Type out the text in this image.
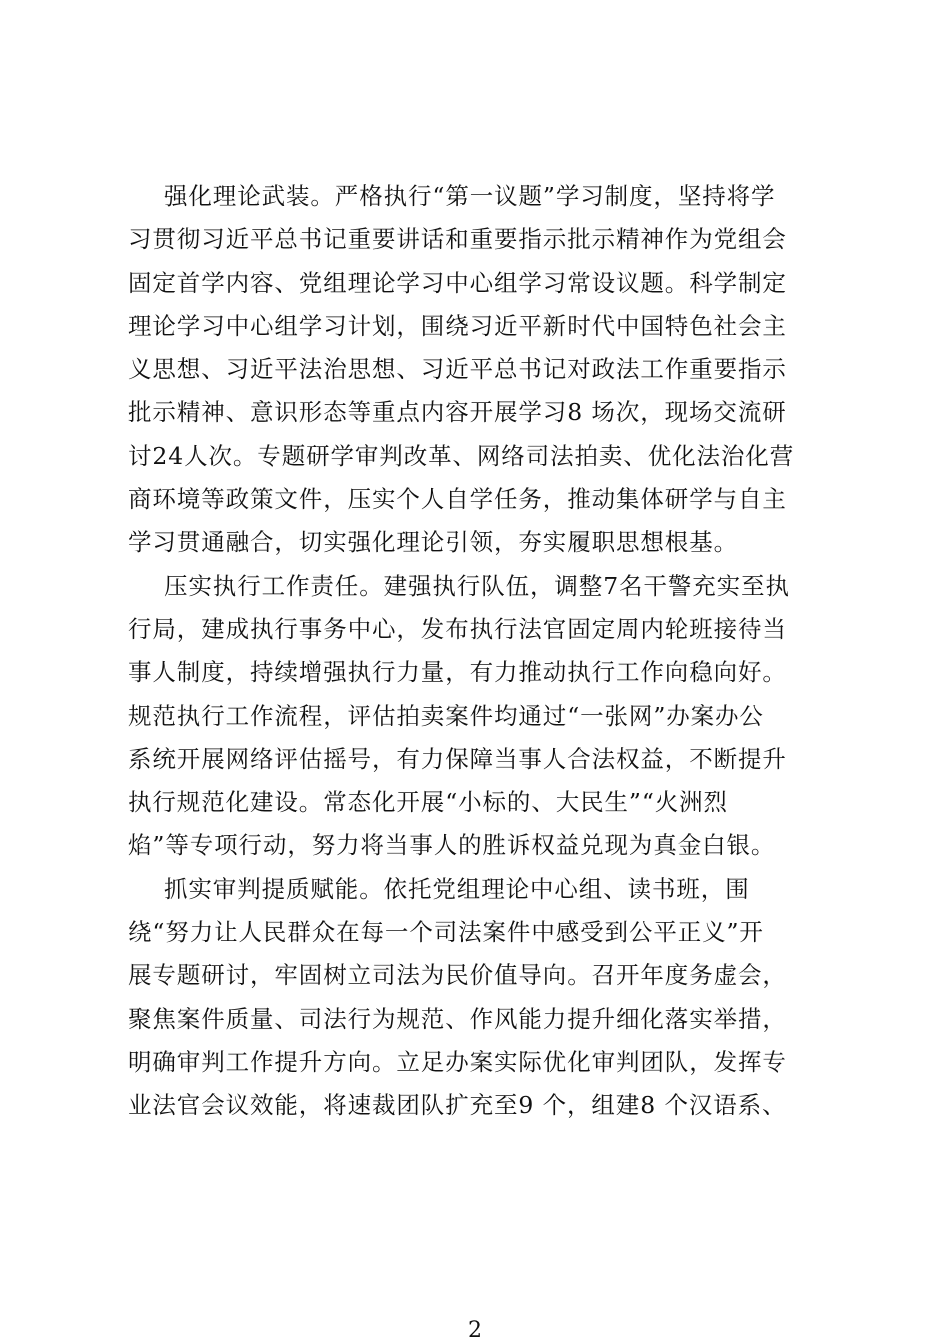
强化理论武装。严格执行“第一议题”学习制度，坚持将学
习贯彻习近平总书记重要讲话和重要指示批示精神作为党组会
固定首学内容、党组理论学习中心组学习常设议题。科学制定
理论学习中心组学习计划，围绕习近平新时代中国特色社会主
义思想、习近平法治思想、习近平总书记对政法工作重要指示
批示精神、意识形态等重点内容开展学习8 场次，现场交流研
讨24人次。专题研学审判改革、网络司法拍卖、优化法治化营
商环境等政策文件，压实个人自学任务，推动集体研学与自主
学习贯通融合，切实强化理论引领，夯实履职思想根基。
压实执行工作责任。建强执行队伍，调整7名干警充实至执
行局，建成执行事务中心，发布执行法官固定周内轮班接待当
事人制度，持续增强执行力量，有力推动执行工作向稳向好。
规范执行工作流程，评估拍卖案件均通过“一张网”办案办公
系统开展网络评估摇号，有力保障当事人合法权益，不断提升
执行规范化建设。常态化开展“小标的、大民生”“火洲烈
焰”等专项行动，努力将当事人的胜诉权益兑现为真金白银。
抓实审判提质赋能。依托党组理论中心组、读书班，围
绕“努力让人民群众在每一个司法案件中感受到公平正义”开
展专题研讨，牢固树立司法为民价值导向。召开年度务虚会，
聚焦案件质量、司法行为规范、作风能力提升细化落实举措，
明确审判工作提升方向。立足办案实际优化审判团队，发挥专
业法官会议效能，将速裁团队扩充至9 个，组建8 个汉语系、
2
